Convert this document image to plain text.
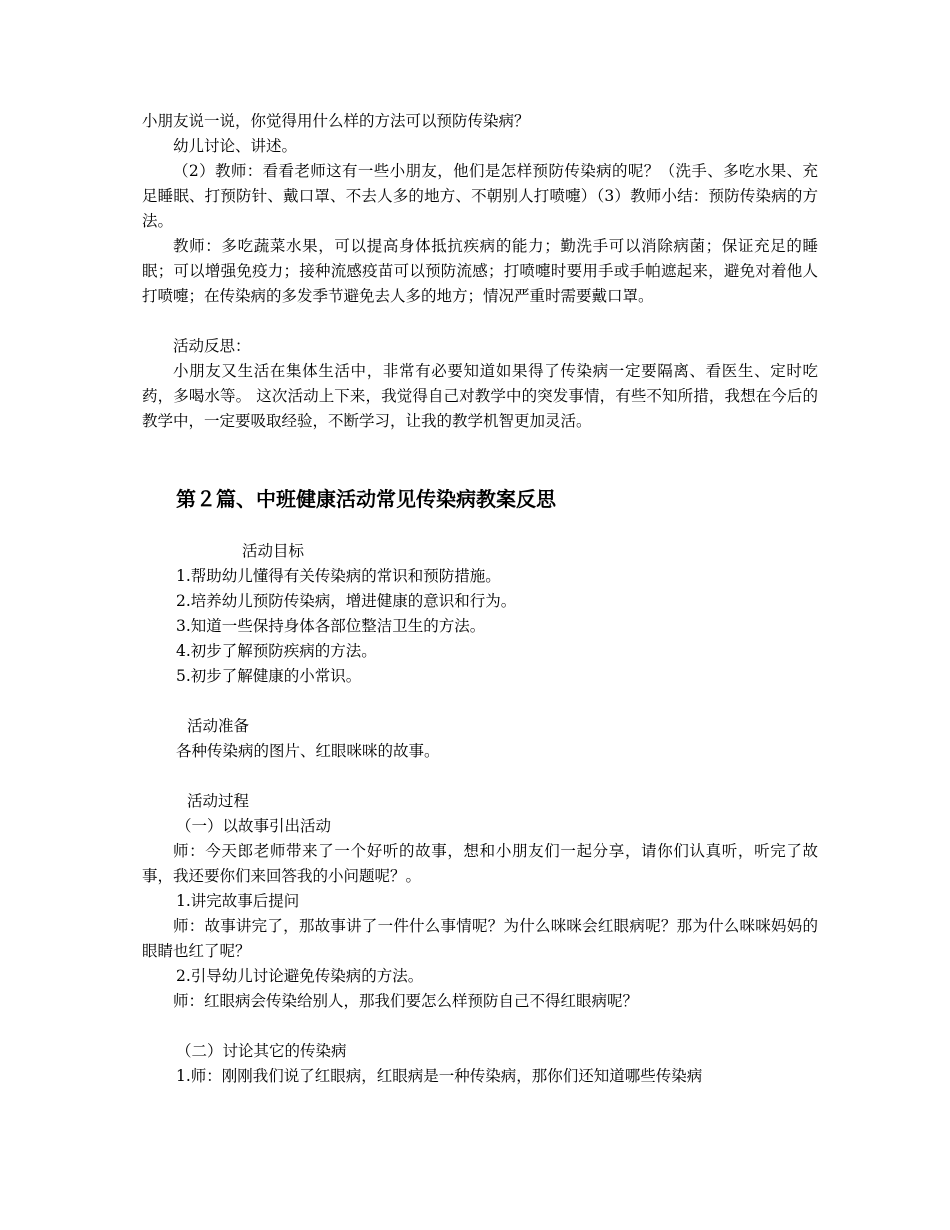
小朋友说一说，你觉得用什么样的方法可以预防传染病？

幼儿讨论、讲述。

（2）教师：看看老师这有一些小朋友，他们是怎样预防传染病的呢？（洗手、多吃水果、充足睡眠、打预防针、戴口罩、不去人多的地方、不朝别人打喷嚏）（3）教师小结：预防传染病的方法。

教师：多吃蔬菜水果，可以提高身体抵抗疾病的能力；勤洗手可以消除病菌；保证充足的睡眠；可以增强免疫力；接种流感疫苗可以预防流感；打喷嚏时要用手或手帕遮起来，避免对着他人打喷嚏；在传染病的多发季节避免去人多的地方；情况严重时需要戴口罩。

活动反思：

小朋友又生活在集体生活中，非常有必要知道如果得了传染病一定要隔离、看医生、定时吃药，多喝水等。 这次活动上下来，我觉得自己对教学中的突发事情，有些不知所措，我想在今后的教学中，一定要吸取经验，不断学习，让我的教学机智更加灵活。

第２篇、中班健康活动常见传染病教案反思

活动目标

1.帮助幼儿懂得有关传染病的常识和预防措施。

2.培养幼儿预防传染病，增进健康的意识和行为。

3.知道一些保持身体各部位整洁卫生的方法。

4.初步了解预防疾病的方法。

5.初步了解健康的小常识。

活动准备

各种传染病的图片、红眼咪咪的故事。

活动过程

（一）以故事引出活动

师：今天郎老师带来了一个好听的故事，想和小朋友们一起分享，请你们认真听，听完了故事，我还要你们来回答我的小问题呢？。

1.讲完故事后提问

师：故事讲完了，那故事讲了一件什么事情呢？为什么咪咪会红眼病呢？那为什么咪咪妈妈的眼睛也红了呢？

2.引导幼儿讨论避免传染病的方法。

师：红眼病会传染给别人，那我们要怎么样预防自己不得红眼病呢？

（二）讨论其它的传染病

1.师：刚刚我们说了红眼病，红眼病是一种传染病，那你们还知道哪些传染病
